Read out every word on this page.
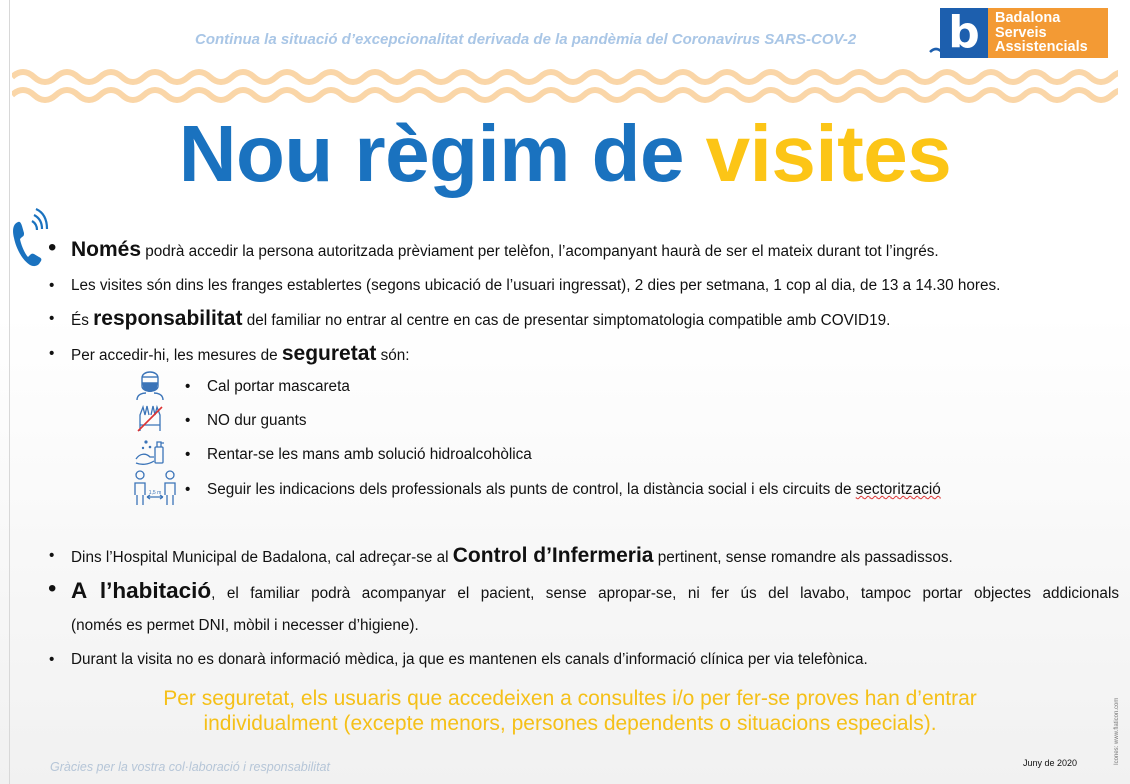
Continua la situació d’excepcionalitat derivada de la pandèmia del Coronavirus SARS-COV-2 b	Badalona
Serveis
Assistencials
Nou règim de visites
• Només podrà accedir la persona autoritzada prèviament per telèfon, l’acompanyant haurà de ser el mateix durant tot l’ingrés.
• Les visites són dins les franges establertes (segons ubicació de l’usuari ingressat), 2 dies per setmana, 1 cop al dia, de 13 a 14.30 hores.
• És responsabilitat del familiar no entrar al centre en cas de presentar simptomatologia compatible amb COVID19.
• Per accedir-hi, les mesures de seguretat són:
1,5 m
• Cal portar mascareta
• NO dur guants
• Rentar-se les mans amb solució hidroalcohòlica
• Seguir les indicacions dels professionals als punts de control, la distància social i els circuits de sectorització
• Dins l’Hospital Municipal de Badalona, cal adreçar-se al Control d’Infermeria pertinent, sense romandre als passadissos.
• A l’habitació, el familiar podrà acompanyar el pacient, sense apropar-se, ni fer ús del lavabo, tampoc portar objectes addicionals
(només es permet DNI, mòbil i necesser d’higiene).
• Durant la visita no es donarà informació mèdica, ja que es mantenen els canals d’informació clínica per via telefònica.
Per seguretat, els usuaris que accedeixen a consultes i/o per fer-se proves han d’entrar
individualment (excepte menors, persones dependents o situacions especials).
Gràcies per la vostra col·laboració i responsabilitat	Juny de 2020	Icones: www.flaticon.com
